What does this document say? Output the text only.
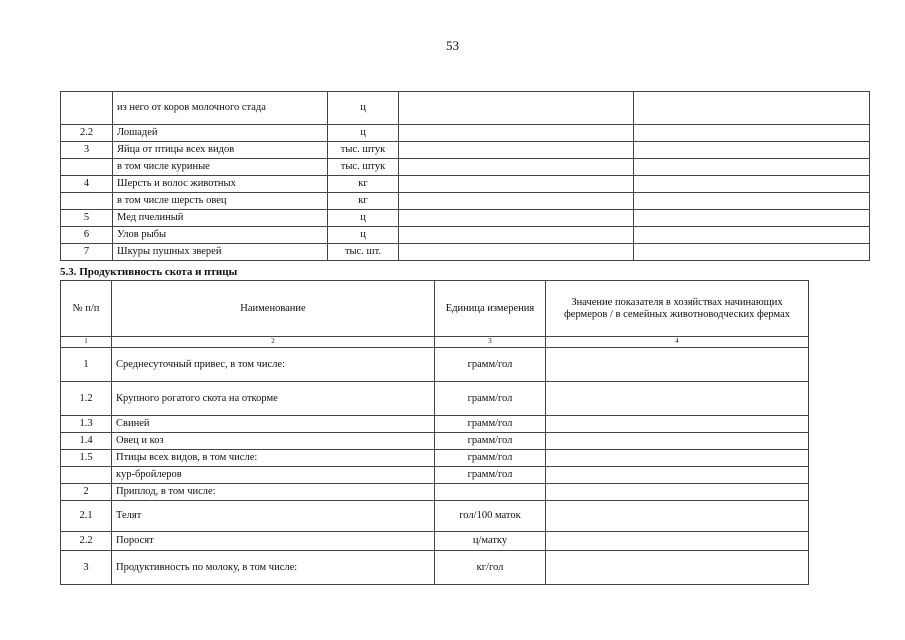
53
	из него от коров молочного стада	ц		
2.2	Лошадей	ц		
3	Яйца от птицы всех видов	тыс. штук		
	в том числе куриные	тыс. штук		
4	Шерсть и волос животных	кг		
	в том числе шерсть овец	кг		
5	Мед пчелиный	ц		
6	Улов рыбы	ц		
7	Шкуры пушных зверей	тыс. шт.		
5.3. Продуктивность скота и птицы
№ п/п	Наименование	Единица измерения	Значение показателя в хозяйствах начинающих фермеров / в семейных животноводческих фермах
1	2	3	4
1	Среднесуточный привес, в том числе:	грамм/гол	
1.2	Крупного рогатого скота на откорме	грамм/гол	
1.3	Свиней	грамм/гол	
1.4	Овец и коз	грамм/гол	
1.5	Птицы всех видов, в том числе:	грамм/гол	
	кур-бройлеров	грамм/гол	
2	Приплод, в том числе:		
2.1	Телят	гол/100 маток	
2.2	Поросят	ц/матку	
3	Продуктивность по молоку, в том числе:	кг/гол	
